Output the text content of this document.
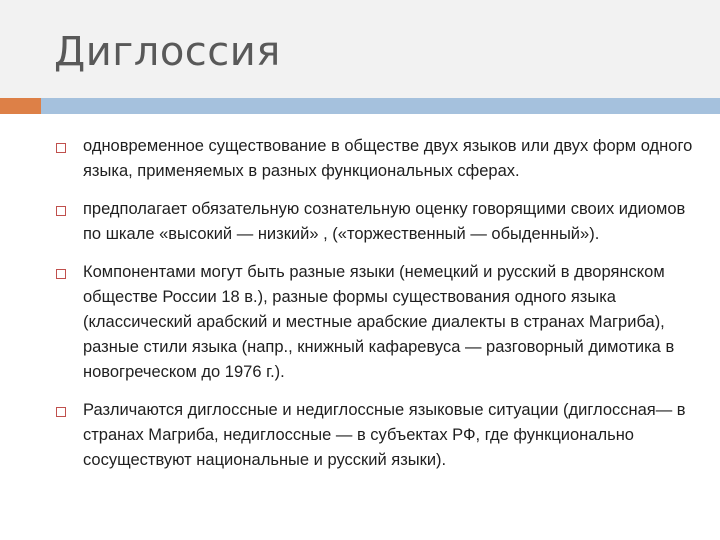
Диглоссия
одновременное существование в обществе двух языков или двух форм одного языка, применяемых в разных функциональных сферах.
предполагает обязательную сознательную оценку говорящими своих идиомов по шкале «высокий — низкий» , («торжественный — обыденный»).
Компонентами могут быть разные языки (немецкий и русский в дворянском обществе России 18 в.), разные формы существования одного языка (классический арабский и местные арабские диалекты в странах Магриба), разные стили языка (напр., книжный кафаревуса — разговорный димотика в новогреческом до 1976 г.).
Различаются диглоссные и недиглоссные языковые ситуации (диглоссная— в странах Магриба, недиглоссные — в субъектах РФ, где функционально сосуществуют национальные и русский языки).
